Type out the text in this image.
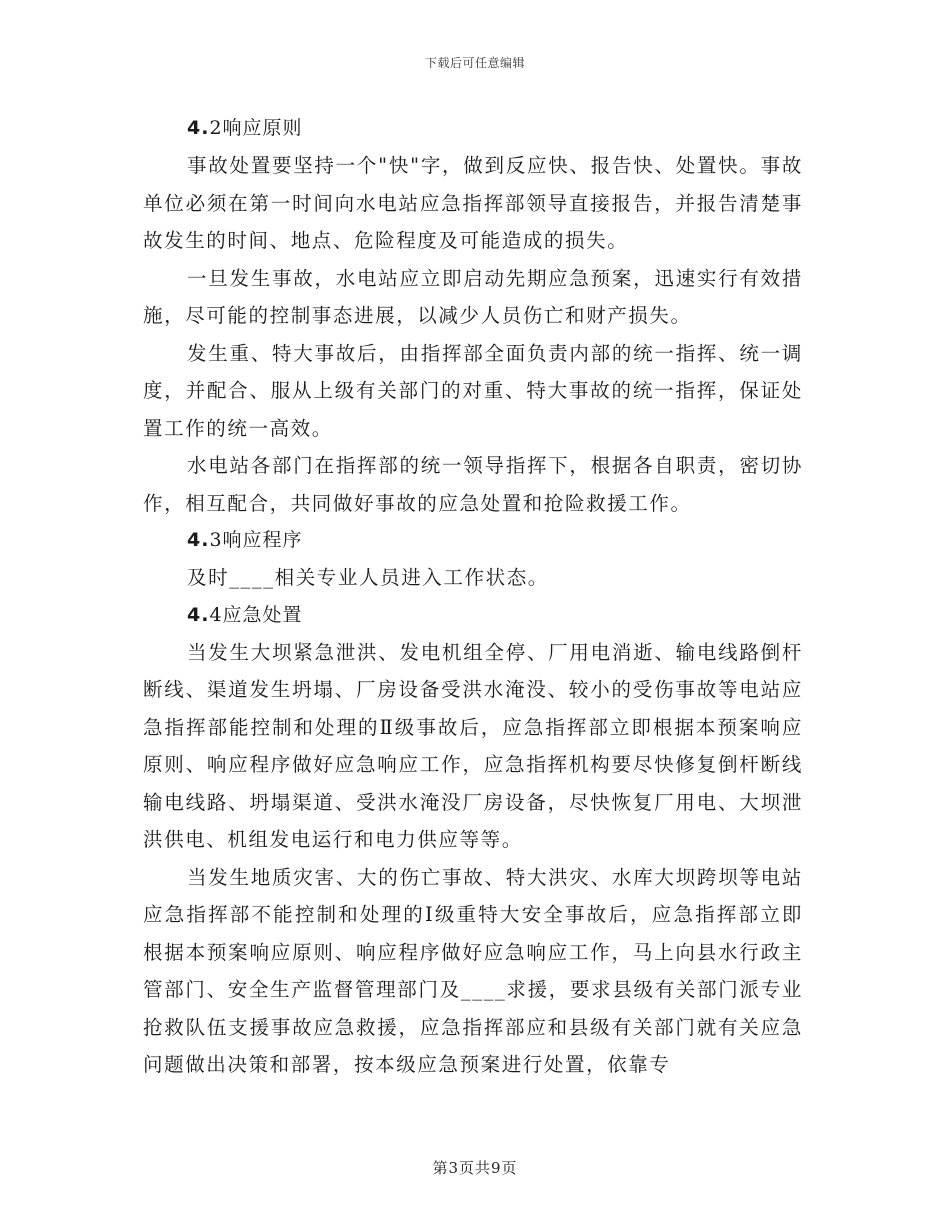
下载后可任意编辑

4.2响应原则

事故处置要坚持一个"快"字，做到反应快、报告快、处置快。事故单位必须在第一时间向水电站应急指挥部领导直接报告，并报告清楚事故发生的时间、地点、危险程度及可能造成的损失。

一旦发生事故，水电站应立即启动先期应急预案，迅速实行有效措施，尽可能的控制事态进展，以减少人员伤亡和财产损失。

发生重、特大事故后，由指挥部全面负责内部的统一指挥、统一调度，并配合、服从上级有关部门的对重、特大事故的统一指挥，保证处置工作的统一高效。

水电站各部门在指挥部的统一领导指挥下，根据各自职责，密切协作，相互配合，共同做好事故的应急处置和抢险救援工作。

4.3响应程序

及时____相关专业人员进入工作状态。

4.4应急处置

当发生大坝紧急泄洪、发电机组全停、厂用电消逝、输电线路倒杆断线、渠道发生坍塌、厂房设备受洪水淹没、较小的受伤事故等电站应急指挥部能控制和处理的Ⅱ级事故后，应急指挥部立即根据本预案响应原则、响应程序做好应急响应工作，应急指挥机构要尽快修复倒杆断线输电线路、坍塌渠道、受洪水淹没厂房设备，尽快恢复厂用电、大坝泄洪供电、机组发电运行和电力供应等等。

当发生地质灾害、大的伤亡事故、特大洪灾、水库大坝跨坝等电站应急指挥部不能控制和处理的Ⅰ级重特大安全事故后，应急指挥部立即根据本预案响应原则、响应程序做好应急响应工作，马上向县水行政主管部门、安全生产监督管理部门及____求援，要求县级有关部门派专业抢救队伍支援事故应急救援，应急指挥部应和县级有关部门就有关应急问题做出决策和部署，按本级应急预案进行处置，依靠专

第3页共9页
